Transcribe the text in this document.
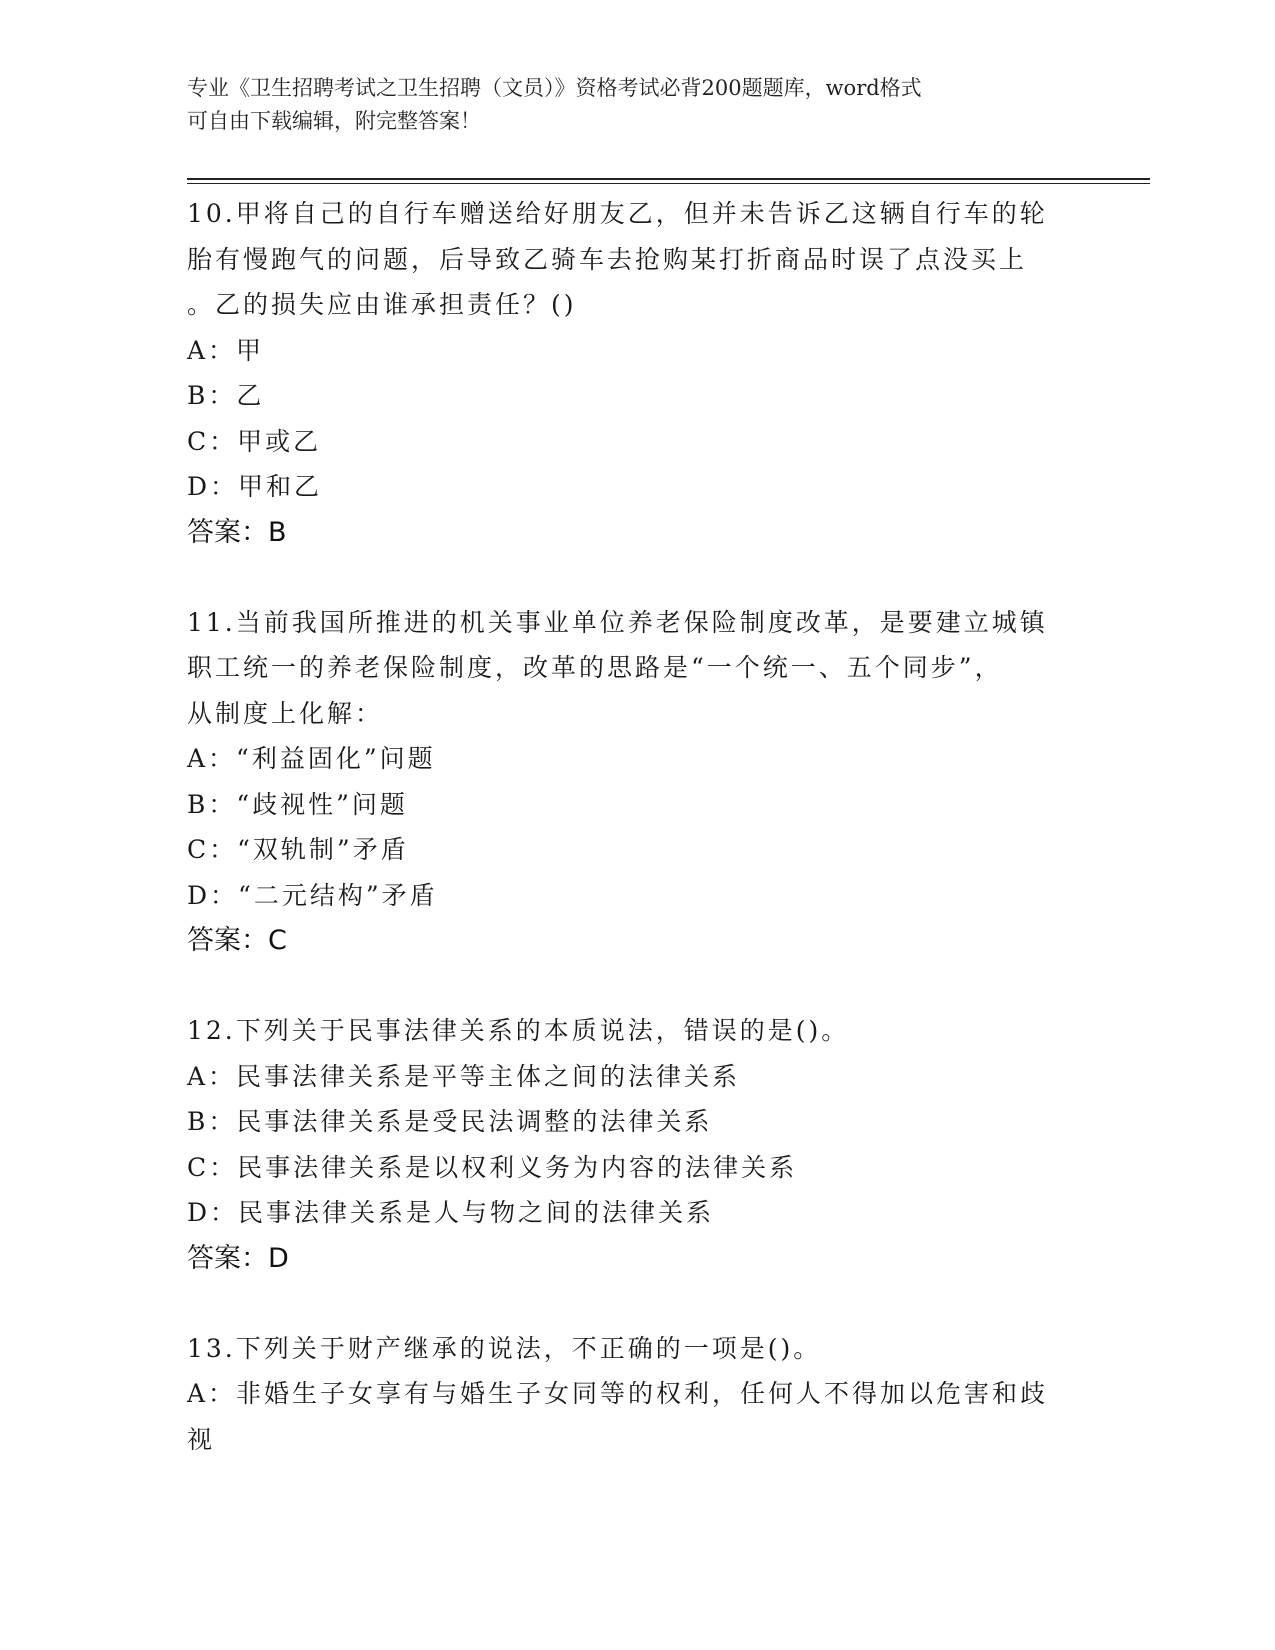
专业《卫生招聘考试之卫生招聘（文员）》资格考试必背200题题库，word格式
可自由下载编辑，附完整答案！
10.甲将自己的自行车赠送给好朋友乙，但并未告诉乙这辆自行车的轮
胎有慢跑气的问题，后导致乙骑车去抢购某打折商品时误了点没买上
。乙的损失应由谁承担责任？()
A：甲
B：乙
C：甲或乙
D：甲和乙
答案：B
11.当前我国所推进的机关事业单位养老保险制度改革，是要建立城镇
职工统一的养老保险制度，改革的思路是“一个统一、五个同步”，
从制度上化解：
A：“利益固化”问题
B：“歧视性”问题
C：“双轨制”矛盾
D：“二元结构”矛盾
答案：C
12.下列关于民事法律关系的本质说法，错误的是()。
A：民事法律关系是平等主体之间的法律关系
B：民事法律关系是受民法调整的法律关系
C：民事法律关系是以权利义务为内容的法律关系
D：民事法律关系是人与物之间的法律关系
答案：D
13.下列关于财产继承的说法，不正确的一项是()。
A：非婚生子女享有与婚生子女同等的权利，任何人不得加以危害和歧
视
